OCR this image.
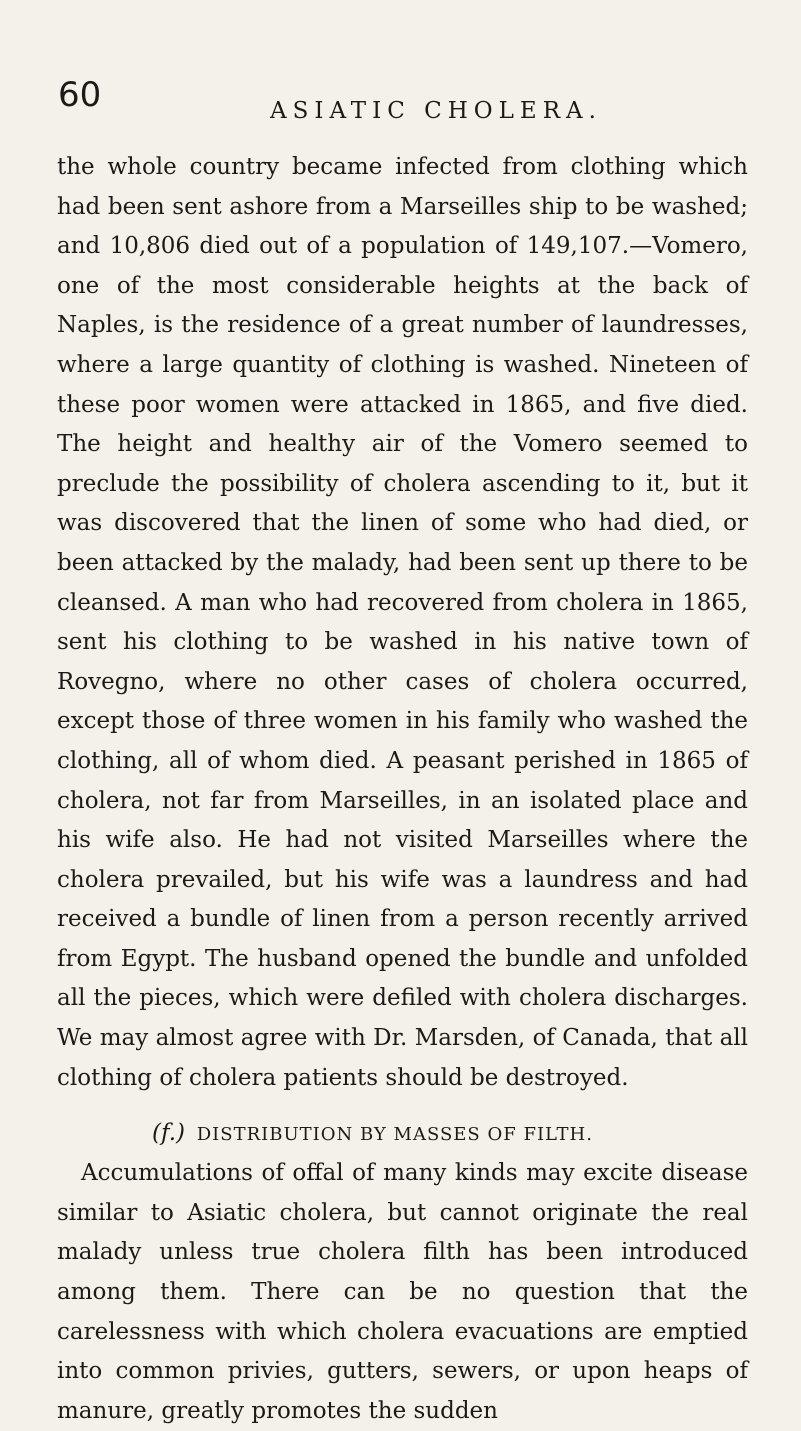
60	ASIATIC CHOLERA.

the whole country became infected from clothing which had been sent ashore from a Marseilles ship to be washed; and 10,806 died out of a population of 149,107.—Vomero, one of the most considerable heights at the back of Naples, is the residence of a great number of laundresses, where a large quantity of clothing is washed. Nineteen of these poor women were attacked in 1865, and five died. The height and healthy air of the Vomero seemed to preclude the possibility of cholera ascending to it, but it was discovered that the linen of some who had died, or been attacked by the malady, had been sent up there to be cleansed. A man who had recovered from cholera in 1865, sent his clothing to be washed in his native town of Rovegno, where no other cases of cholera occurred, except those of three women in his family who washed the clothing, all of whom died. A peasant perished in 1865 of cholera, not far from Marseilles, in an isolated place and his wife also. He had not visited Marseilles where the cholera prevailed, but his wife was a laundress and had received a bundle of linen from a person recently arrived from Egypt. The husband opened the bundle and unfolded all the pieces, which were defiled with cholera discharges. We may almost agree with Dr. Marsden, of Canada, that all clothing of cholera patients should be destroyed.

(f.) DISTRIBUTION BY MASSES OF FILTH.

Accumulations of offal of many kinds may excite disease similar to Asiatic cholera, but cannot originate the real malady unless true cholera filth has been introduced among them. There can be no question that the carelessness with which cholera evacuations are emptied into common privies, gutters, sewers, or upon heaps of manure, greatly promotes the sudden
